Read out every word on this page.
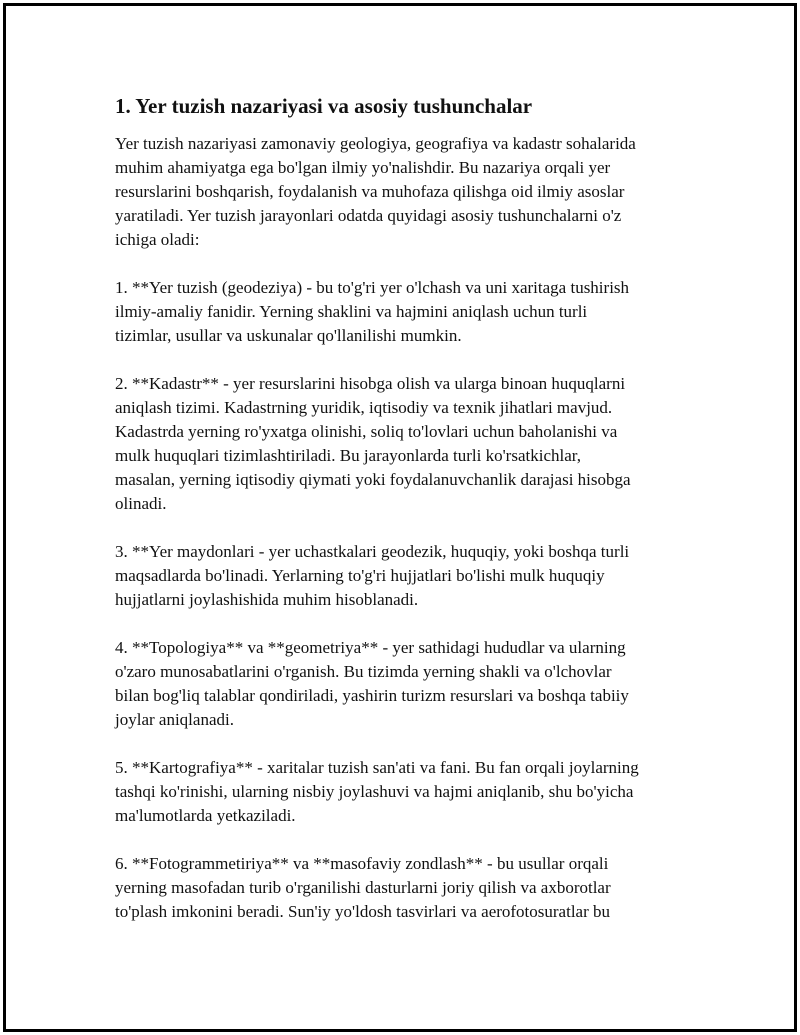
1. Yer tuzish nazariyasi va asosiy tushunchalar

Yer tuzish nazariyasi zamonaviy geologiya, geografiya va kadastr sohalarida
muhim ahamiyatga ega bo'lgan ilmiy yo'nalishdir. Bu nazariya orqali yer
resurslarini boshqarish, foydalanish va muhofaza qilishga oid ilmiy asoslar
yaratiladi. Yer tuzish jarayonlari odatda quyidagi asosiy tushunchalarni o'z
ichiga oladi:

1. **Yer tuzish (geodeziya) - bu to'g'ri yer o'lchash va uni xaritaga tushirish
ilmiy-amaliy fanidir. Yerning shaklini va hajmini aniqlash uchun turli
tizimlar, usullar va uskunalar qo'llanilishi mumkin.

2. **Kadastr** - yer resurslarini hisobga olish va ularga binoan huquqlarni
aniqlash tizimi. Kadastrning yuridik, iqtisodiy va texnik jihatlari mavjud.
Kadastrda yerning ro'yxatga olinishi, soliq to'lovlari uchun baholanishi va
mulk huquqlari tizimlashtiriladi. Bu jarayonlarda turli ko'rsatkichlar,
masalan, yerning iqtisodiy qiymati yoki foydalanuvchanlik darajasi hisobga
olinadi.

3. **Yer maydonlari - yer uchastkalari geodezik, huquqiy, yoki boshqa turli
maqsadlarda bo'linadi. Yerlarning to'g'ri hujjatlari bo'lishi mulk huquqiy
hujjatlarni joylashishida muhim hisoblanadi.

4. **Topologiya** va **geometriya** - yer sathidagi hududlar va ularning
o'zaro munosabatlarini o'rganish. Bu tizimda yerning shakli va o'lchovlar
bilan bog'liq talablar qondiriladi, yashirin turizm resurslari va boshqa tabiiy
joylar aniqlanadi.

5. **Kartografiya** - xaritalar tuzish san'ati va fani. Bu fan orqali joylarning
tashqi ko'rinishi, ularning nisbiy joylashuvi va hajmi aniqlanib, shu bo'yicha
ma'lumotlarda yetkaziladi.

6. **Fotogrammetiriya** va **masofaviy zondlash** - bu usullar orqali
yerning masofadan turib o'rganilishi dasturlarni joriy qilish va axborotlar
to'plash imkonini beradi. Sun'iy yo'ldosh tasvirlari va aerofotosuratlar bu
